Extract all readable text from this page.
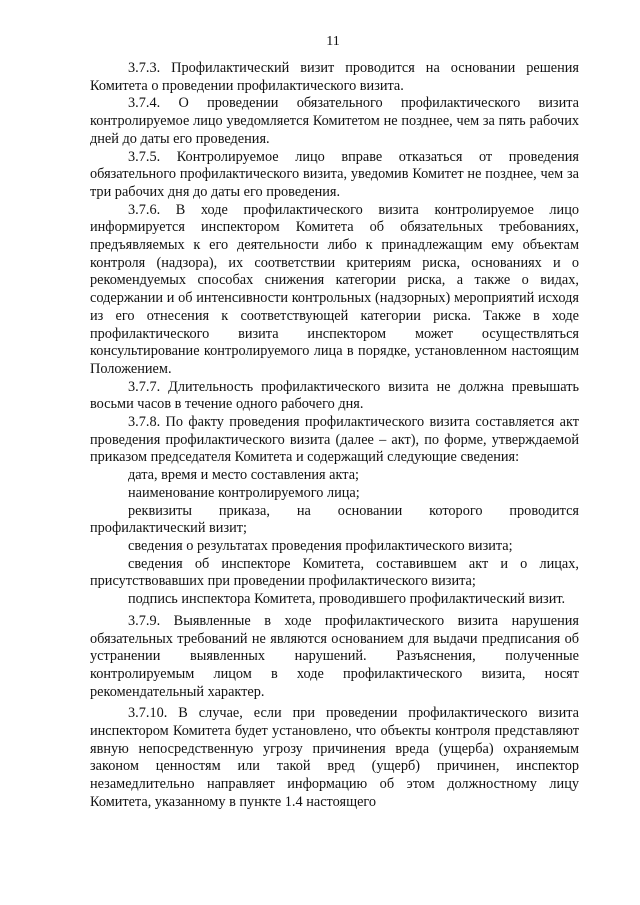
11

3.7.3. Профилактический визит проводится на основании решения Комитета о проведении профилактического визита.

3.7.4. О проведении обязательного профилактического визита контролируемое лицо уведомляется Комитетом не позднее, чем за пять рабочих дней до даты его проведения.

3.7.5. Контролируемое лицо вправе отказаться от проведения обязательного профилактического визита, уведомив Комитет не позднее, чем за три рабочих дня до даты его проведения.

3.7.6. В ходе профилактического визита контролируемое лицо информируется инспектором Комитета об обязательных требованиях, предъявляемых к его деятельности либо к принадлежащим ему объектам контроля (надзора), их соответствии критериям риска, основаниях и о рекомендуемых способах снижения категории риска, а также о видах, содержании и об интенсивности контрольных (надзорных) мероприятий исходя из его отнесения к соответствующей категории риска. Также в ходе профилактического визита инспектором может осуществляться консультирование контролируемого лица в порядке, установленном настоящим Положением.

3.7.7. Длительность профилактического визита не должна превышать восьми часов в течение одного рабочего дня.

3.7.8. По факту проведения профилактического визита составляется акт проведения профилактического визита (далее – акт), по форме, утверждаемой приказом председателя Комитета и содержащий следующие сведения:

дата, время и место составления акта;

наименование контролируемого лица;

реквизиты приказа, на основании которого проводится профилактический визит;

сведения о результатах проведения профилактического визита;

сведения об инспекторе Комитета, составившем акт и о лицах, присутствовавших при проведении профилактического визита;

подпись инспектора Комитета, проводившего профилактический визит.

3.7.9. Выявленные в ходе профилактического визита нарушения обязательных требований не являются основанием для выдачи предписания об устранении выявленных нарушений. Разъяснения, полученные контролируемым лицом в ходе профилактического визита, носят рекомендательный характер.

3.7.10. В случае, если при проведении профилактического визита инспектором Комитета будет установлено, что объекты контроля представляют явную непосредственную угрозу причинения вреда (ущерба) охраняемым законом ценностям или такой вред (ущерб) причинен, инспектор незамедлительно направляет информацию об этом должностному лицу Комитета, указанному в пункте 1.4 настоящего
